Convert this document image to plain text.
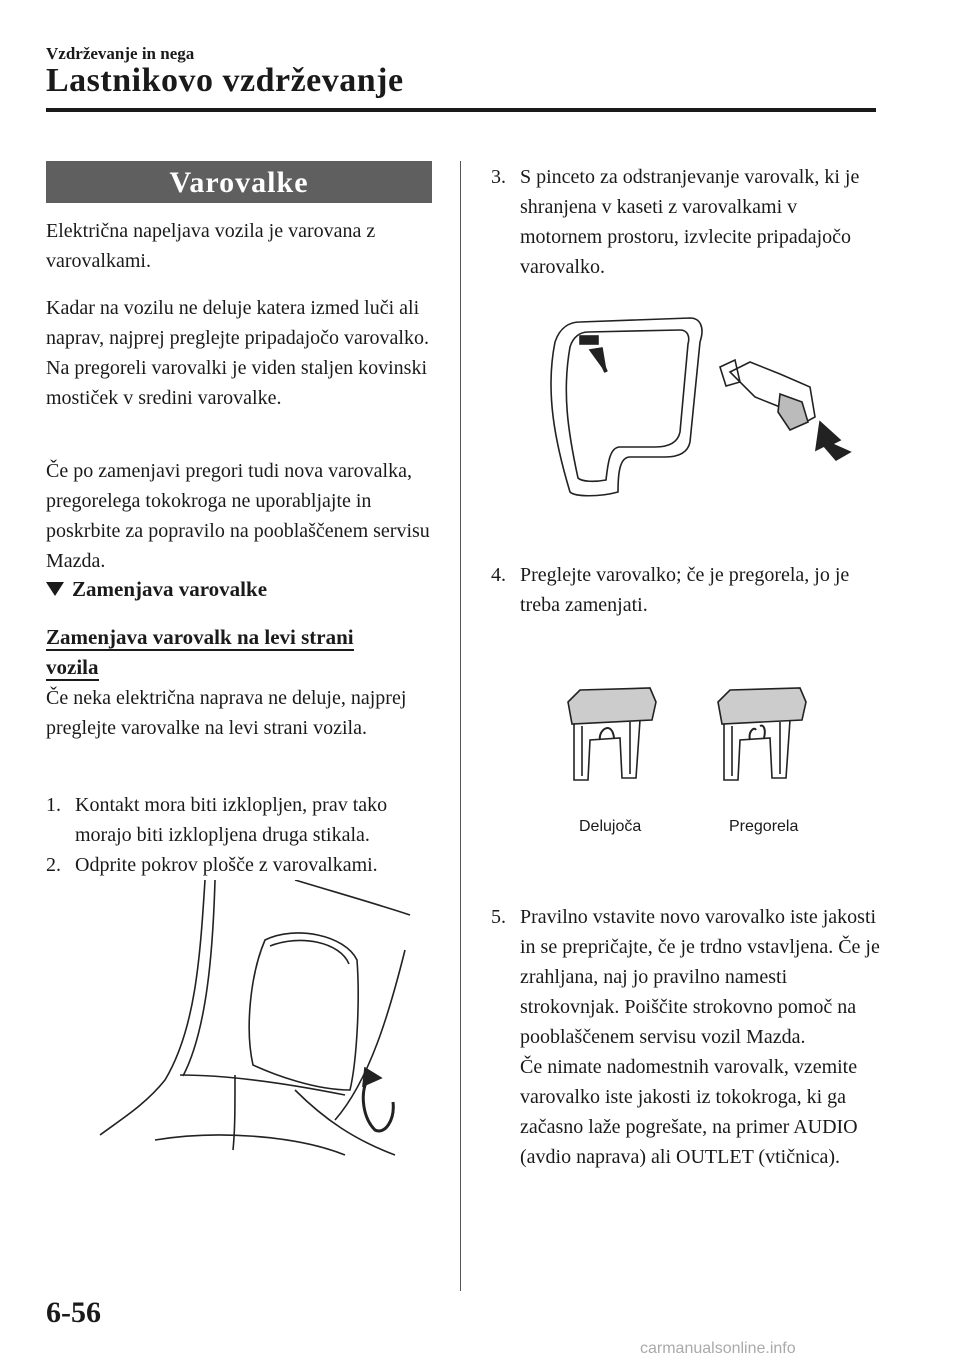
Vzdrževanje in nega
Lastnikovo vzdrževanje
Varovalke
Električna napeljava vozila je varovana z varovalkami.
Kadar na vozilu ne deluje katera izmed luči ali naprav, najprej preglejte pripadajočo varovalko. Na pregoreli varovalki je viden staljen kovinski mostiček v sredini varovalke.
Če po zamenjavi pregori tudi nova varovalka, pregorelega tokokroga ne uporabljajte in poskrbite za popravilo na pooblaščenem servisu Mazda.
Zamenjava varovalke
Zamenjava varovalk na levi strani
vozila
Če neka električna naprava ne deluje, najprej preglejte varovalke na levi strani vozila.
1. Kontakt mora biti izklopljen, prav tako morajo biti izklopljena druga stikala.
2. Odprite pokrov plošče z varovalkami.
3. S pinceto za odstranjevanje varovalk, ki je shranjena v kaseti z varovalkami v motornem prostoru, izvlecite pripadajočo varovalko.
4. Preglejte varovalko; če je pregorela, jo je treba zamenjati.
Delujoča	Pregorela
5. Pravilno vstavite novo varovalko iste jakosti in se prepričajte, če je trdno vstavljena. Če je zrahljana, naj jo pravilno namesti strokovnjak. Poiščite strokovno pomoč na pooblaščenem servisu vozil Mazda.
Če nimate nadomestnih varovalk, vzemite varovalko iste jakosti iz tokokroga, ki ga začasno laže pogrešate, na primer AUDIO (avdio naprava) ali OUTLET (vtičnica).
6-56
carmanualsonline.info
